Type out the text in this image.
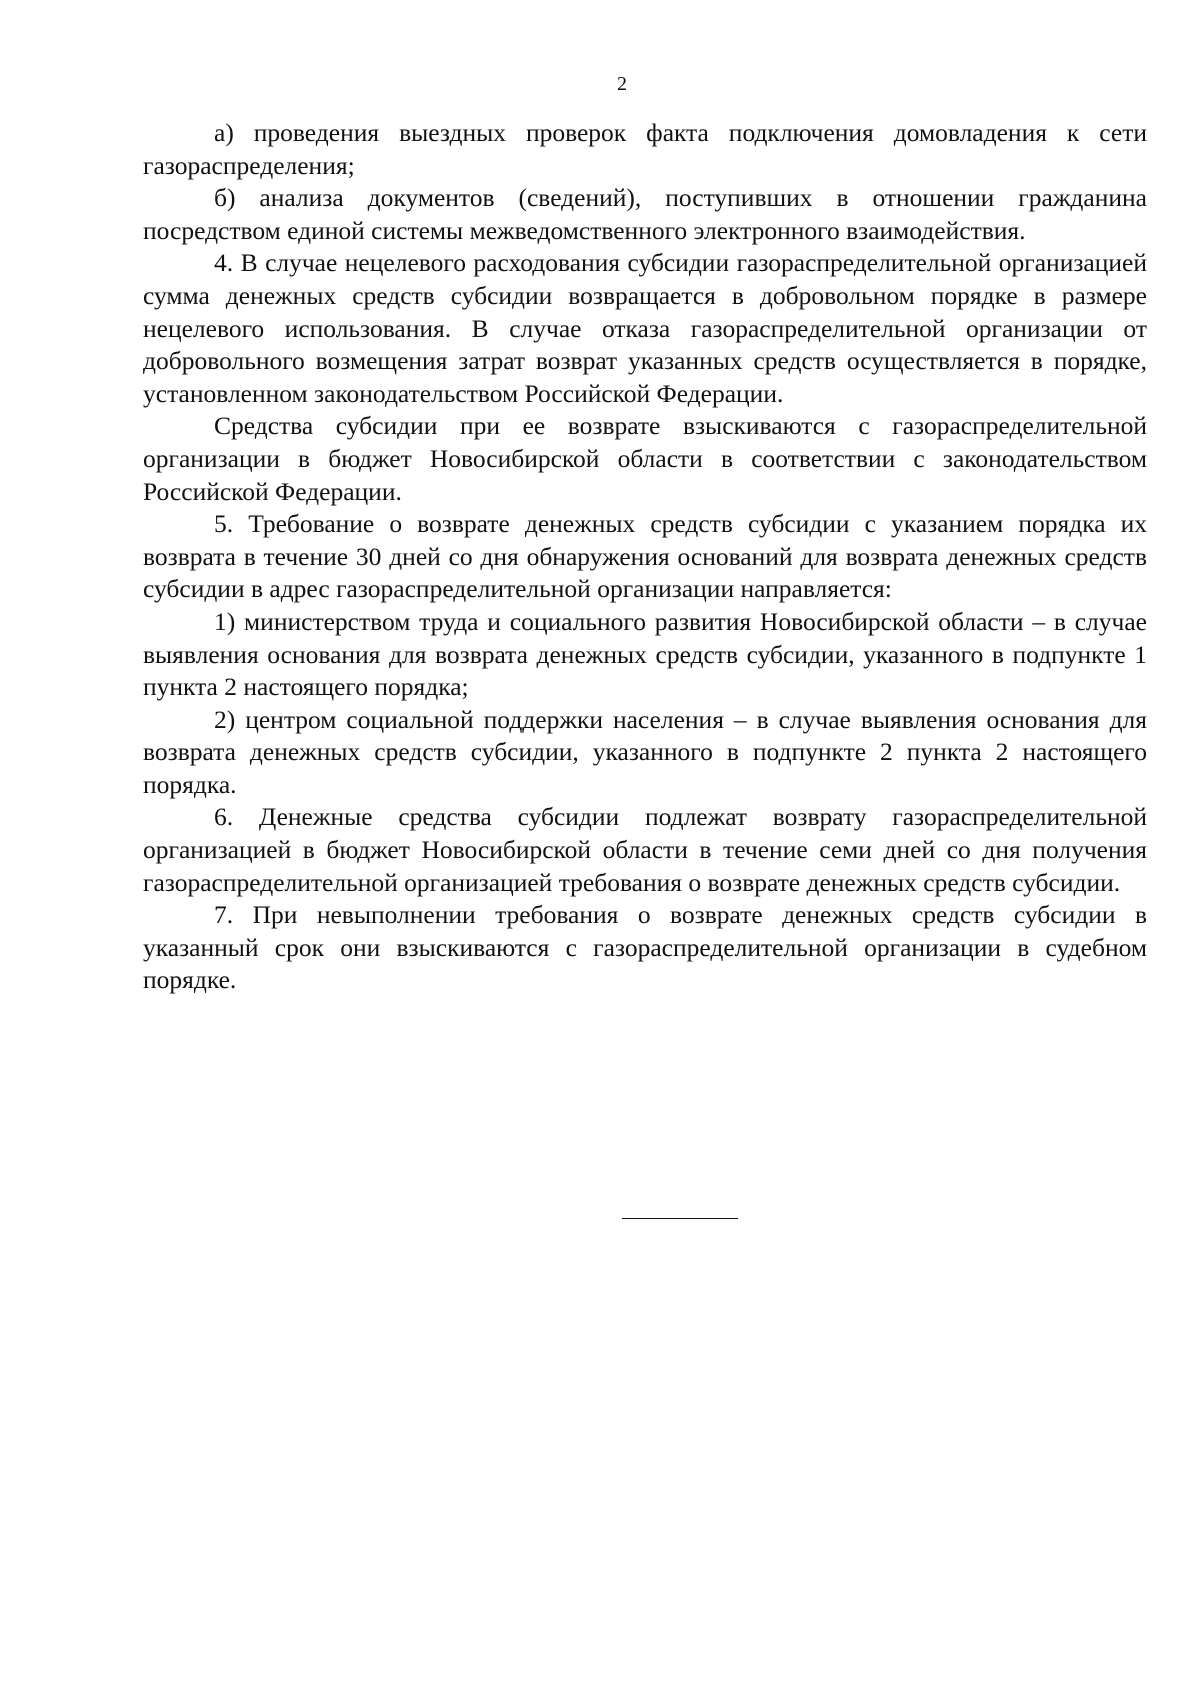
2

а) проведения выездных проверок факта подключения домовладения к сети газораспределения;

б) анализа документов (сведений), поступивших в отношении гражданина посредством единой системы межведомственного электронного взаимодействия.

4. В случае нецелевого расходования субсидии газораспределительной организацией сумма денежных средств субсидии возвращается в добровольном порядке в размере нецелевого использования. В случае отказа газораспределительной организации от добровольного возмещения затрат возврат указанных средств осуществляется в порядке, установленном законодательством Российской Федерации.

Средства субсидии при ее возврате взыскиваются с газораспределительной организации в бюджет Новосибирской области в соответствии с законодательством Российской Федерации.

5. Требование о возврате денежных средств субсидии с указанием порядка их возврата в течение 30 дней со дня обнаружения оснований для возврата денежных средств субсидии в адрес газораспределительной организации направляется:

1) министерством труда и социального развития Новосибирской области – в случае выявления основания для возврата денежных средств субсидии, указанного в подпункте 1 пункта 2 настоящего порядка;

2) центром социальной поддержки населения – в случае выявления основания для возврата денежных средств субсидии, указанного в подпункте 2 пункта 2 настоящего порядка.

6. Денежные средства субсидии подлежат возврату газораспределительной организацией в бюджет Новосибирской области в течение семи дней со дня получения газораспределительной организацией требования о возврате денежных средств субсидии.

7. При невыполнении требования о возврате денежных средств субсидии в указанный срок они взыскиваются с газораспределительной организации в судебном порядке.
